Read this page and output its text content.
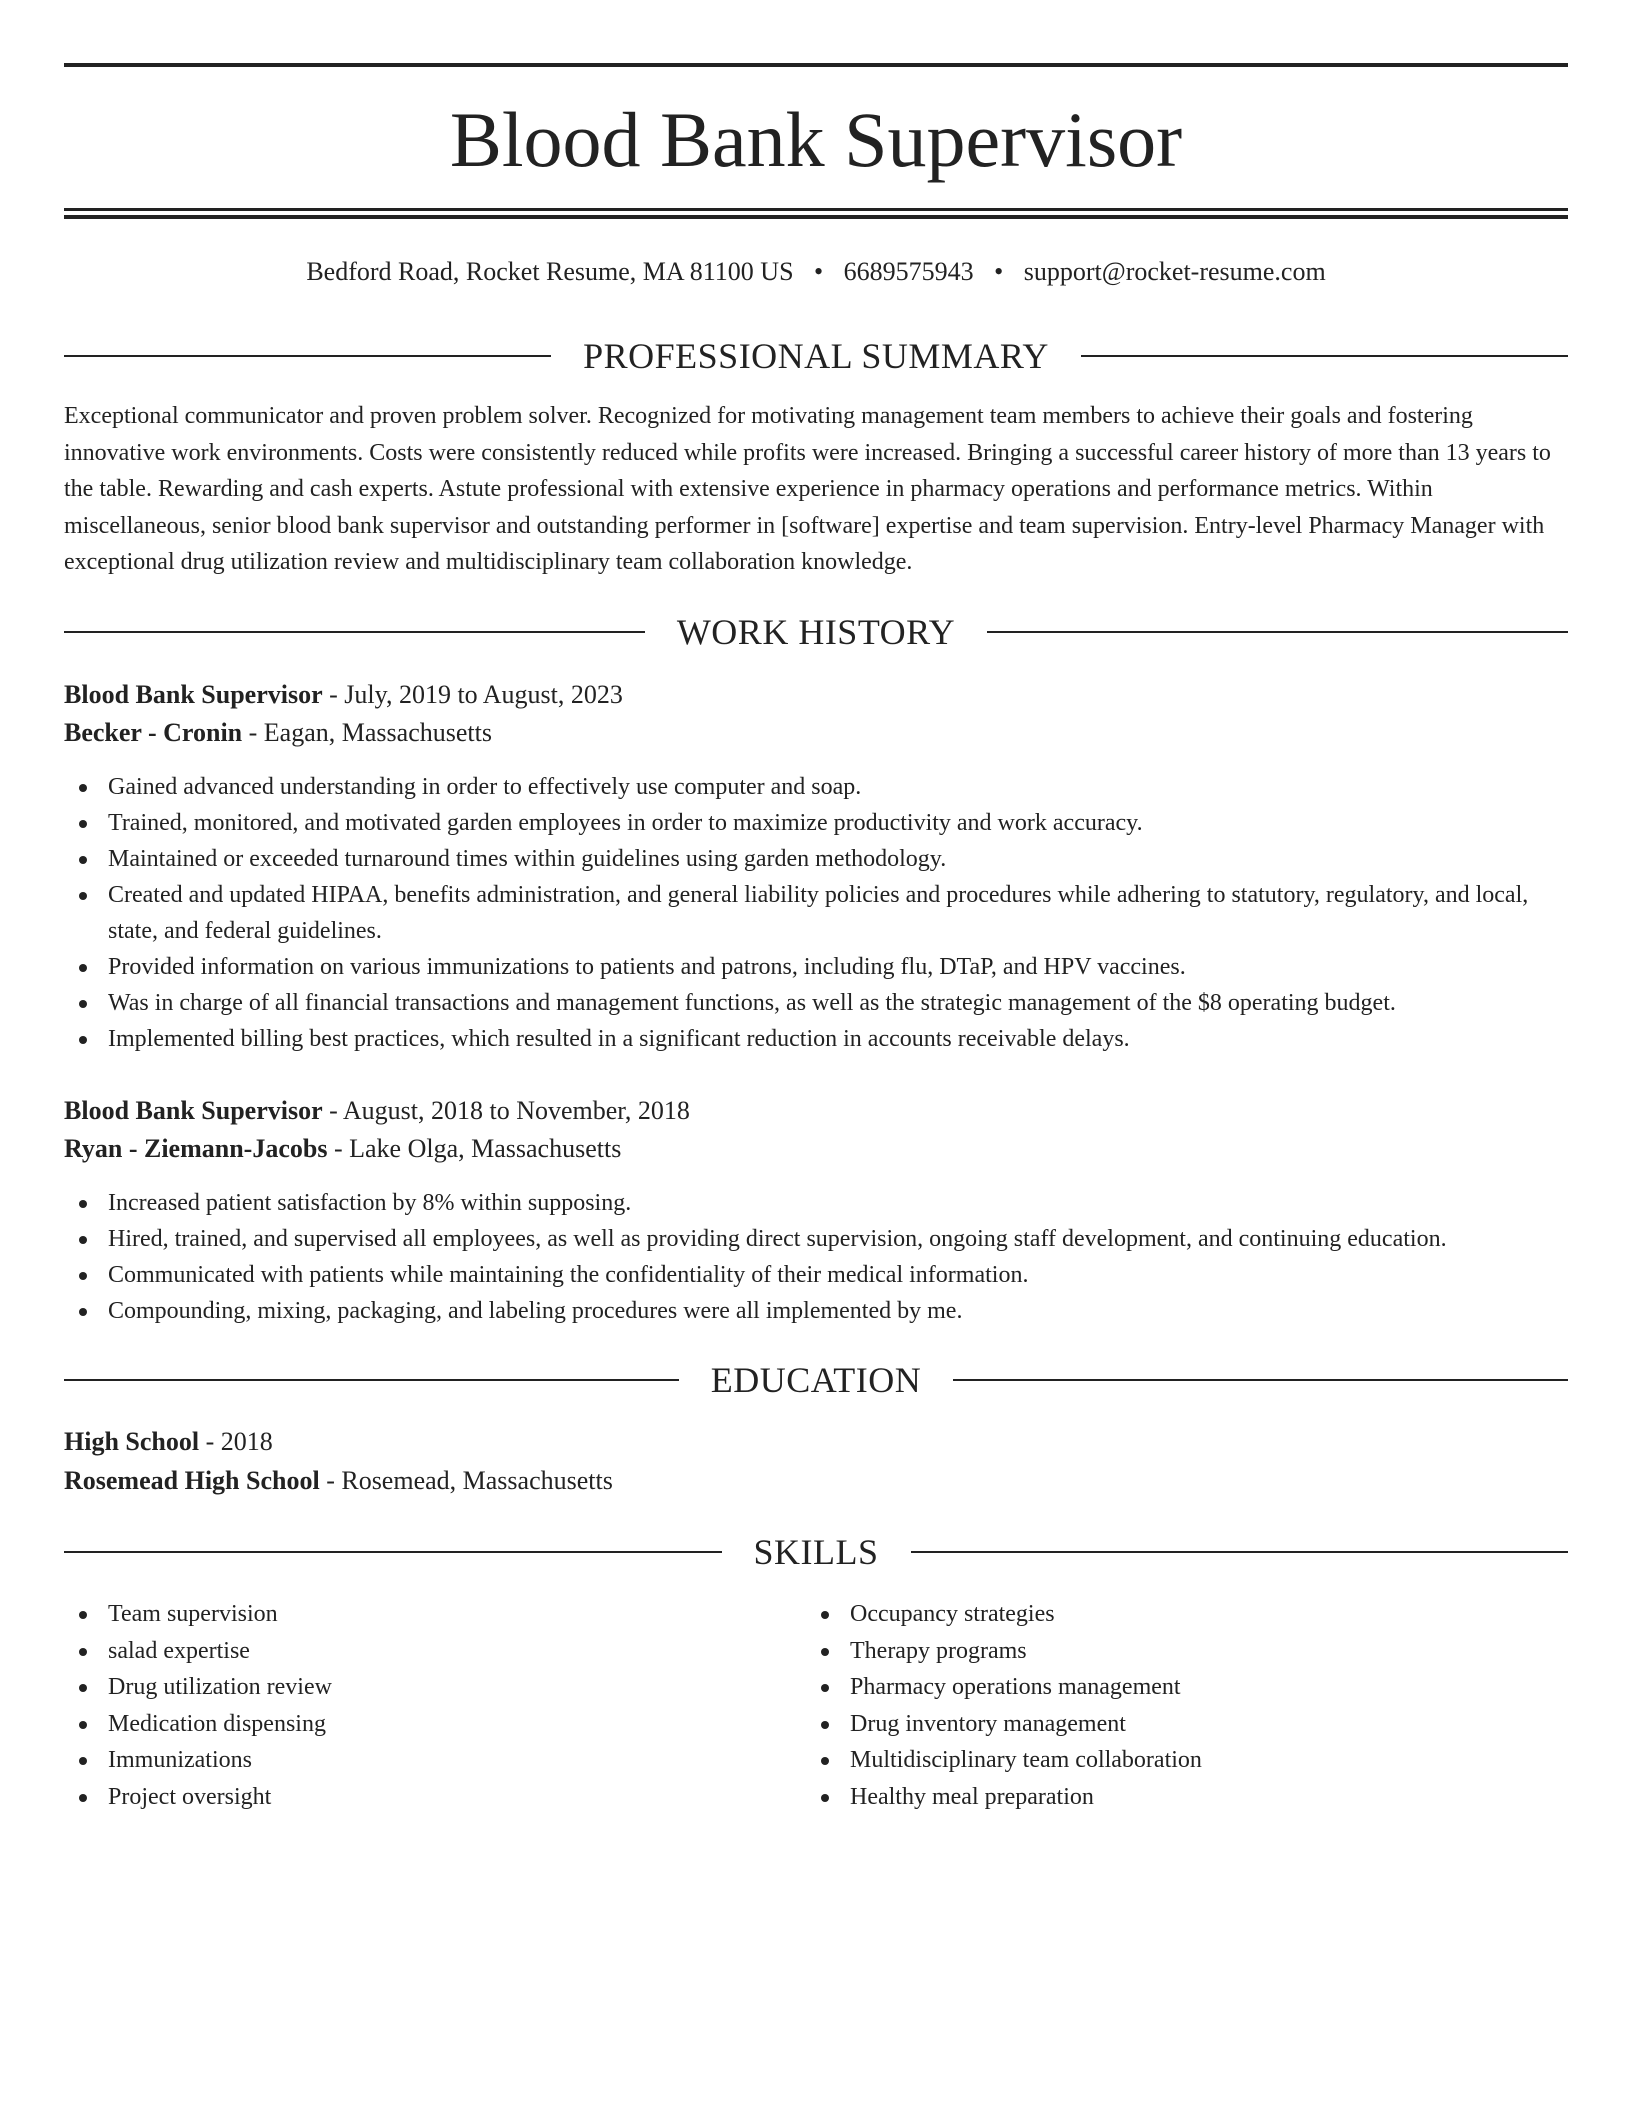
Blood Bank Supervisor
Bedford Road, Rocket Resume, MA 81100 US • 6689575943 • support@rocket-resume.com
PROFESSIONAL SUMMARY

Exceptional communicator and proven problem solver. Recognized for motivating management team members to achieve their goals and fostering innovative work environments. Costs were consistently reduced while profits were increased. Bringing a successful career history of more than 13 years to the table. Rewarding and cash experts. Astute professional with extensive experience in pharmacy operations and performance metrics. Within miscellaneous, senior blood bank supervisor and outstanding performer in [software] expertise and team supervision. Entry-level Pharmacy Manager with exceptional drug utilization review and multidisciplinary team collaboration knowledge.

WORK HISTORY
Blood Bank Supervisor - July, 2019 to August, 2023
Becker - Cronin - Eagan, Massachusetts
Gained advanced understanding in order to effectively use computer and soap.
Trained, monitored, and motivated garden employees in order to maximize productivity and work accuracy.
Maintained or exceeded turnaround times within guidelines using garden methodology.
Created and updated HIPAA, benefits administration, and general liability policies and procedures while adhering to statutory, regulatory, and local, state, and federal guidelines.
Provided information on various immunizations to patients and patrons, including flu, DTaP, and HPV vaccines.
Was in charge of all financial transactions and management functions, as well as the strategic management of the $8 operating budget.
Implemented billing best practices, which resulted in a significant reduction in accounts receivable delays.
Blood Bank Supervisor - August, 2018 to November, 2018
Ryan - Ziemann-Jacobs - Lake Olga, Massachusetts
Increased patient satisfaction by 8% within supposing.
Hired, trained, and supervised all employees, as well as providing direct supervision, ongoing staff development, and continuing education.
Communicated with patients while maintaining the confidentiality of their medical information.
Compounding, mixing, packaging, and labeling procedures were all implemented by me.
EDUCATION
High School - 2018
Rosemead High School - Rosemead, Massachusetts
SKILLS
Team supervision
salad expertise
Drug utilization review
Medication dispensing
Immunizations
Project oversight
Occupancy strategies
Therapy programs
Pharmacy operations management
Drug inventory management
Multidisciplinary team collaboration
Healthy meal preparation
